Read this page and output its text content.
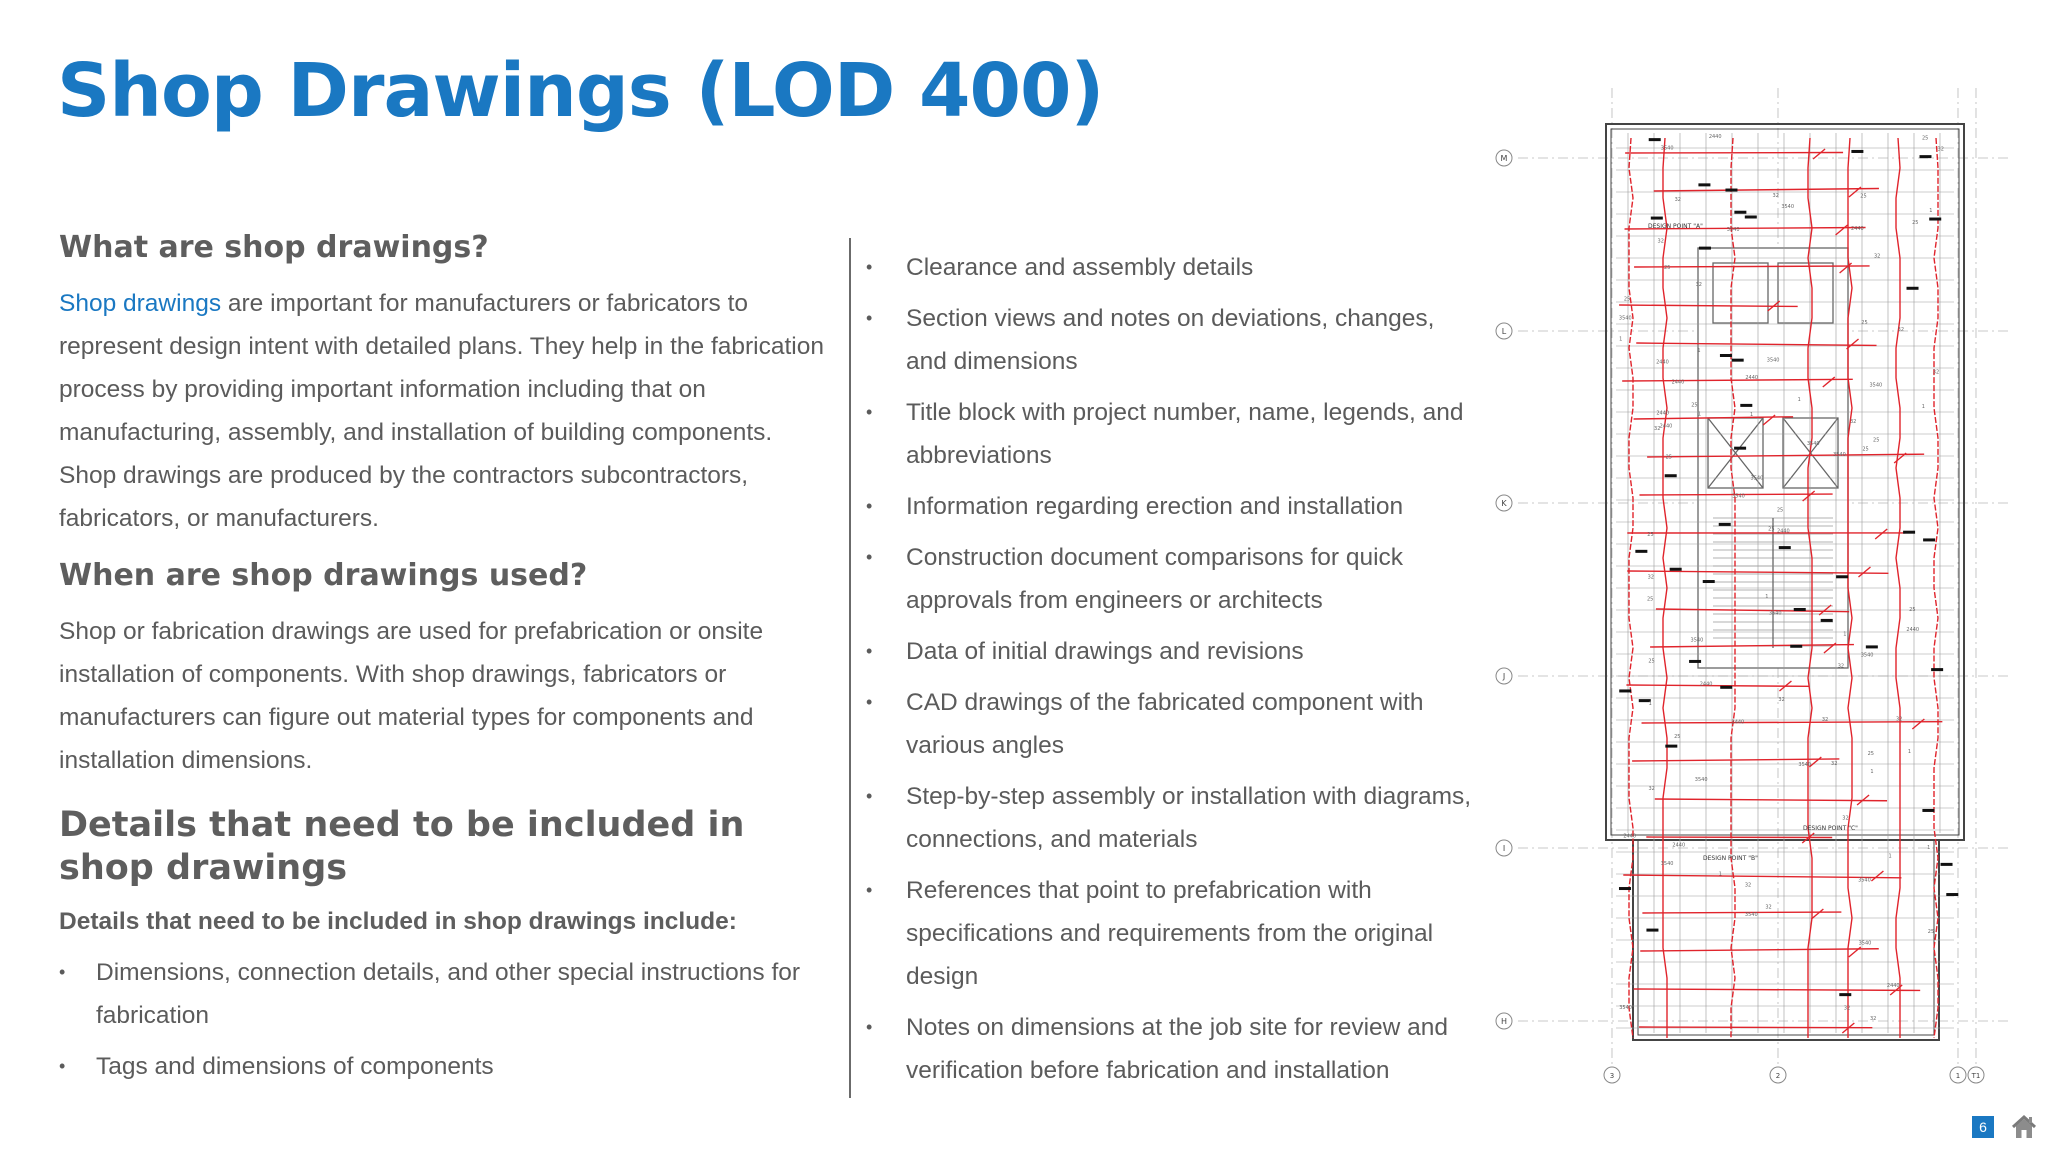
Shop Drawings (LOD 400)
What are shop drawings?

Shop drawings are important for manufacturers or fabricators to represent design intent with detailed plans. They help in the fabrication process by providing important information including that on manufacturing, assembly, and installation of building components. Shop drawings are produced by the contractors subcontractors, fabricators, or manufacturers.

When are shop drawings used?

Shop or fabrication drawings are used for prefabrication or onsite installation of components. With shop drawings, fabricators or manufacturers can figure out material types for components and installation dimensions.

Details that need to be included in shop drawings
Details that need to be included in shop drawings include:
• Dimensions, connection details, and other special instructions for fabrication
• Tags and dimensions of components
• Clearance and assembly details
• Section views and notes on deviations, changes, and dimensions
• Title block with project number, name, legends, and abbreviations
• Information regarding erection and installation
• Construction document comparisons for quick approvals from engineers or architects
• Data of initial drawings and revisions
• CAD drawings of the fabricated component with various angles
• Step-by-step assembly or installation with diagrams, connections, and materials
• References that point to prefabrication with specifications and requirements from the original design
• Notes on dimensions at the job site for review and verification before fabrication and installation
25
32
1
1
3540
3540
2440
32
25
25
2440
25
2440
32
2440
2440
32
1
25
1
3540
2440
3540
25
25
3540
1
3540
32
3540
32
25
32
3540
2440
32
3540
1
32
2440
3540
25
25
25
1
25
1
25
1
1
3540
32
32
25
25
32
2440
3540
32
25
3540
2440
32
25
32
32
1
2440
3540
3540
32
1
32
3540
25
32
1
3540
32
3540
3540
2440
2440
25
32
2440
1
3540
32
1
DESIGN POINT "A"
DESIGN POINT "B"
DESIGN POINT "C"
M
L
K
J
I
H
3	2	1 T1
6
